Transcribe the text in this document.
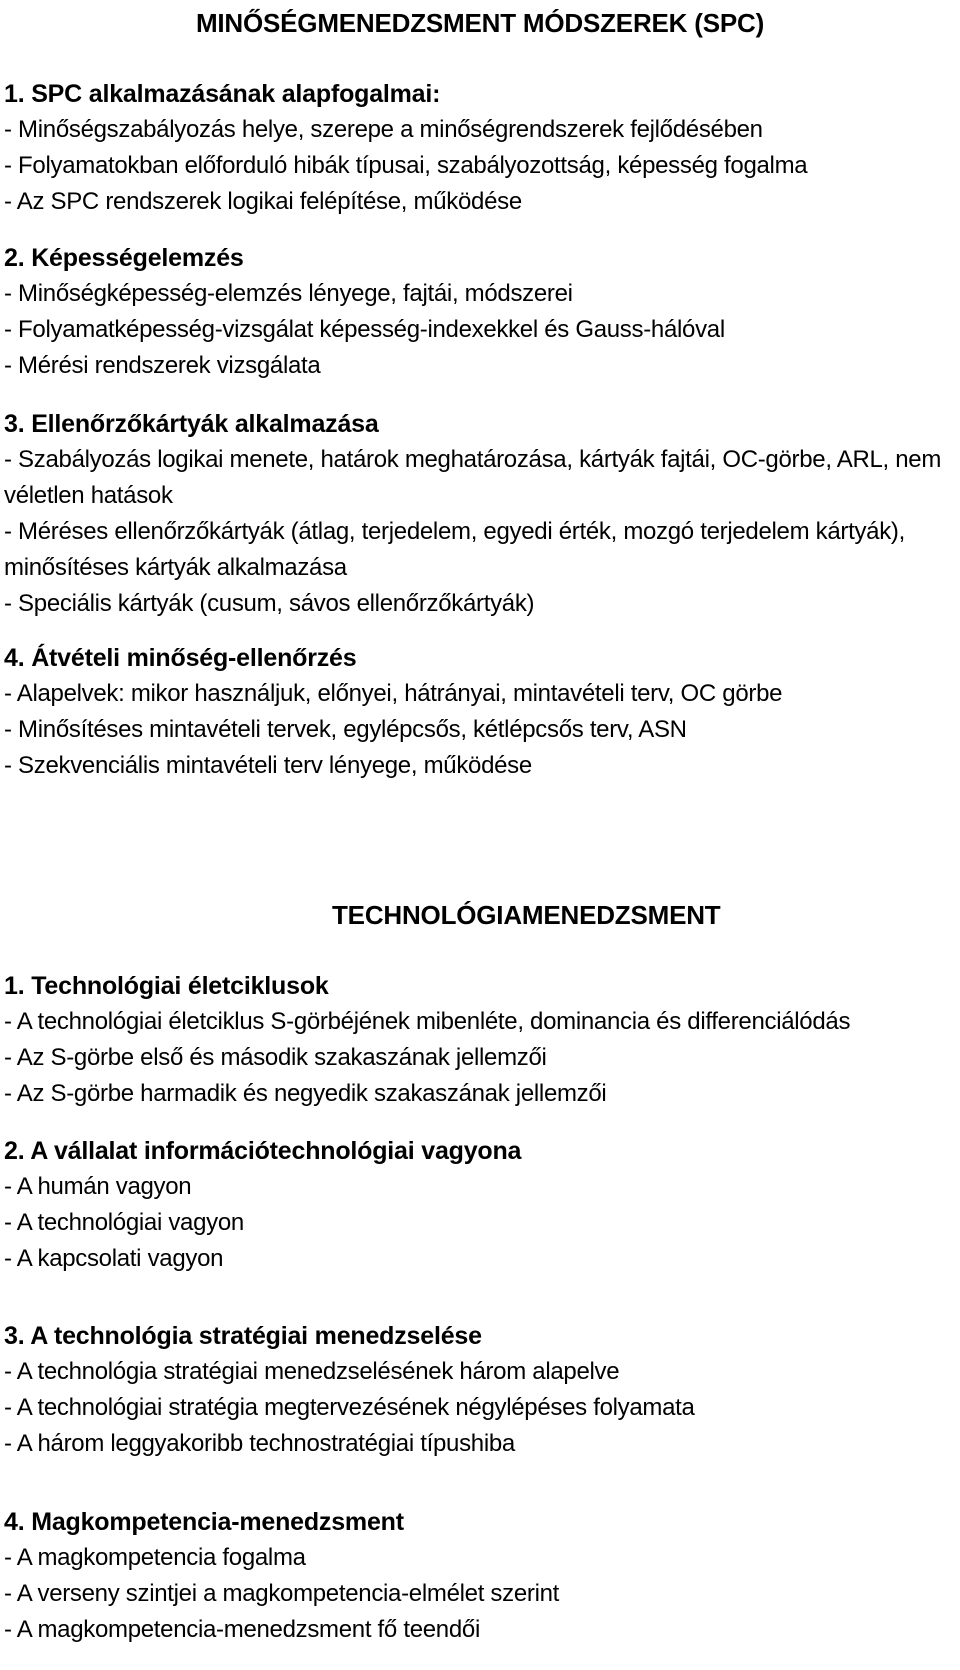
MINŐSÉGMENEDZSMENT MÓDSZEREK (SPC)
1. SPC alkalmazásának alapfogalmai:
- Minőségszabályozás helye, szerepe a minőségrendszerek fejlődésében
- Folyamatokban előforduló hibák típusai, szabályozottság, képesség fogalma
- Az SPC rendszerek logikai felépítése, működése
2. Képességelemzés
- Minőségképesség-elemzés lényege, fajtái, módszerei
- Folyamatképesség-vizsgálat képesség-indexekkel és Gauss-hálóval
- Mérési rendszerek vizsgálata
3. Ellenőrzőkártyák alkalmazása
- Szabályozás logikai menete, határok meghatározása, kártyák fajtái, OC-görbe, ARL, nem véletlen hatások
- Méréses ellenőrzőkártyák (átlag, terjedelem, egyedi érték, mozgó terjedelem kártyák), minősítéses kártyák alkalmazása
- Speciális kártyák (cusum, sávos ellenőrzőkártyák)
4. Átvételi minőség-ellenőrzés
- Alapelvek: mikor használjuk, előnyei, hátrányai, mintavételi terv, OC görbe
- Minősítéses mintavételi tervek, egylépcsős, kétlépcsős terv, ASN
- Szekvenciális mintavételi terv lényege, működése
TECHNOLÓGIAMENEDZSMENT
1. Technológiai életciklusok
- A technológiai életciklus S-görbéjének mibenléte, dominancia és differenciálódás
- Az S-görbe első és második szakaszának jellemzői
- Az S-görbe harmadik és negyedik szakaszának jellemzői
2. A vállalat információtechnológiai vagyona
- A humán vagyon
- A technológiai vagyon
- A kapcsolati vagyon
3. A technológia stratégiai menedzselése
- A technológia stratégiai menedzselésének három alapelve
- A technológiai stratégia megtervezésének négylépéses folyamata
- A három leggyakoribb technostratégiai típushiba
4. Magkompetencia-menedzsment
- A magkompetencia fogalma
- A verseny szintjei a magkompetencia-elmélet szerint
- A magkompetencia-menedzsment fő teendői
